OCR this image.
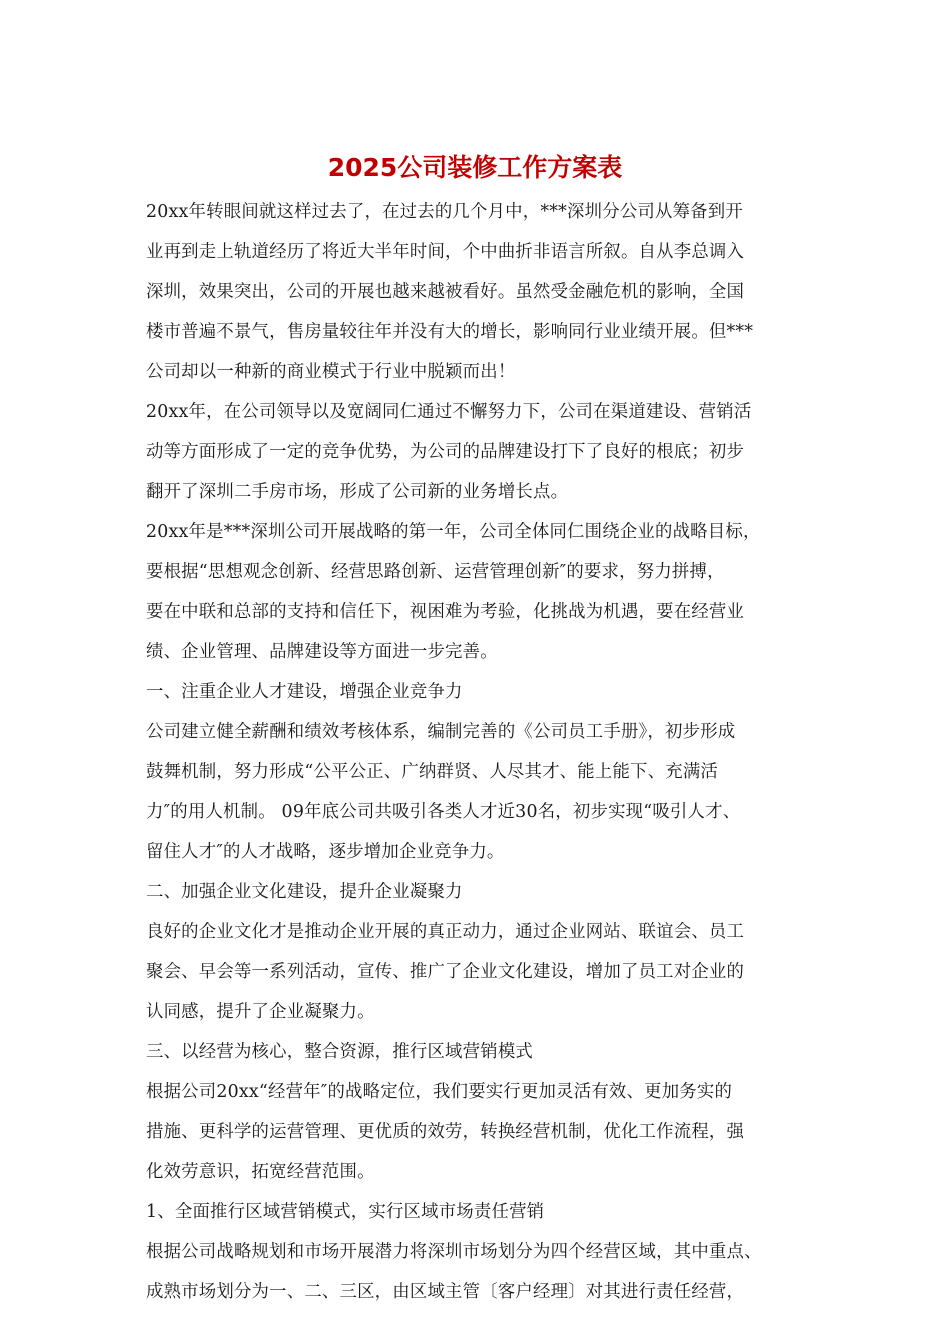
2025公司装修工作方案表
20xx年转眼间就这样过去了，在过去的几个月中，***深圳分公司从筹备到开
业再到走上轨道经历了将近大半年时间，个中曲折非语言所叙。自从李总调入
深圳，效果突出，公司的开展也越来越被看好。虽然受金融危机的影响，全国
楼市普遍不景气，售房量较往年并没有大的增长，影响同行业业绩开展。但***
公司却以一种新的商业模式于行业中脱颖而出！
20xx年，在公司领导以及宽阔同仁通过不懈努力下，公司在渠道建设、营销活
动等方面形成了一定的竞争优势，为公司的品牌建设打下了良好的根底；初步
翻开了深圳二手房市场，形成了公司新的业务增长点。
20xx年是***深圳公司开展战略的第一年，公司全体同仁围绕企业的战略目标，
要根据“思想观念创新、经营思路创新、运营管理创新″的要求，努力拼搏，
要在中联和总部的支持和信任下，视困难为考验，化挑战为机遇，要在经营业
绩、企业管理、品牌建设等方面进一步完善。
一、注重企业人才建设，增强企业竞争力
公司建立健全薪酬和绩效考核体系，编制完善的《公司员工手册》，初步形成
鼓舞机制，努力形成“公平公正、广纳群贤、人尽其才、能上能下、充满活
力″的用人机制。 09年底公司共吸引各类人才近30名，初步实现“吸引人才、
留住人才″的人才战略，逐步增加企业竞争力。
二、加强企业文化建设，提升企业凝聚力
良好的企业文化才是推动企业开展的真正动力，通过企业网站、联谊会、员工
聚会、早会等一系列活动，宣传、推广了企业文化建设，增加了员工对企业的
认同感，提升了企业凝聚力。
三、以经营为核心，整合资源，推行区域营销模式
根据公司20xx“经营年″的战略定位，我们要实行更加灵活有效、更加务实的
措施、更科学的运营管理、更优质的效劳，转换经营机制，优化工作流程，强
化效劳意识，拓宽经营范围。
1、全面推行区域营销模式，实行区域市场责任营销
根据公司战略规划和市场开展潜力将深圳市场划分为四个经营区域，其中重点、
成熟市场划分为一、二、三区，由区域主管〔客户经理〕对其进行责任经营，
